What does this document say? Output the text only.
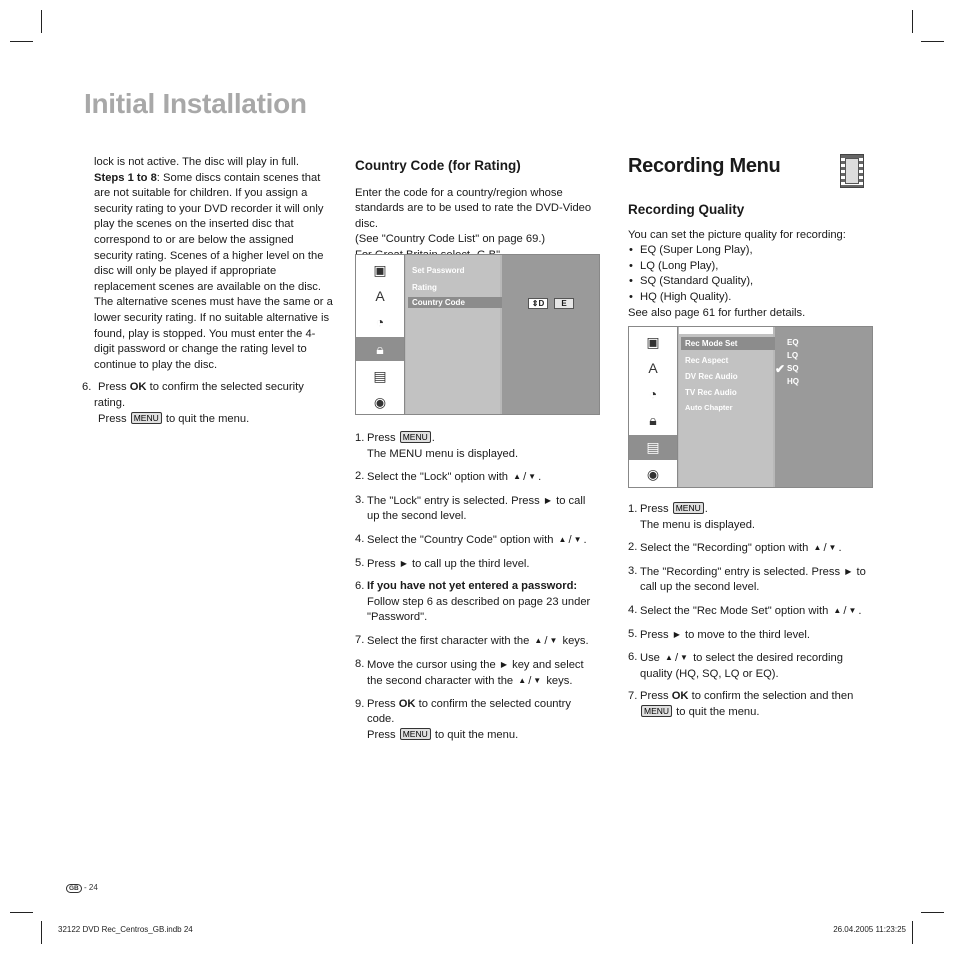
Initial Installation

lock is not active. The disc will play in full.
Steps 1 to 8: Some discs contain scenes that are not suitable for children. If you assign a security rating to your DVD recorder it will only play the scenes on the inserted disc that correspond to or are below the assigned security rating. Scenes of a higher level on the disc will only be played if appropriate replacement scenes are available on the disc. The alternative scenes must have the same or a lower security rating. If no suitable alternative is found, play is stopped. You must enter the 4-digit password or change the rating level to continue to play the disc.

6. Press OK to confirm the selected security rating.
Press MENU to quit the menu.
Country Code (for Rating)
Enter the code for a country/region whose standards are to be used to rate the DVD-Video disc.
(See "Country Code List" on page 69.)

▣
A
◔
🔒︎
▤
◉
Set Password
Rating
Country Code	⇕D	E
1. Press MENU .
The MENU menu is displayed.
2. Select the "Lock" option with ▲ / ▼ .
3. The "Lock" entry is selected. Press ▶ to call up the second level.
4. Select the "Country Code" option with ▲ / ▼ .
5. Press ▶ to call up the third level.
6. If you have not yet entered a password:
Follow step 6 as described on page 23 under "Password".
7. Select the first character with the ▲ / ▼ keys.
8. Move the cursor using the ▶ key and select the second character with the ▲ / ▼ keys.
9. Press OK to confirm the selected country code.
Press MENU to quit the menu.
Recording Menu
Recording Quality
You can set the picture quality for recording:
• EQ (Super Long Play),
• LQ (Long Play),
• SQ (Standard Quality),
• HQ (High Quality).
See also page 61 for further details.
▣
A
◔
🔒︎
▤
◉
Rec Mode Set
Rec Aspect
DV Rec Audio
TV Rec Audio
Auto Chapter
EQ
LQ
✔ SQ
HQ
1. Press MENU .
The menu is displayed.
2. Select the "Recording" option with ▲ / ▼ .
3. The "Recording" entry is selected. Press ▶ to call up the second level.
4. Select the "Rec Mode Set" option with ▲ / ▼ .
5. Press ▶ to move to the third level.
6. Use ▲ / ▼ to select the desired recording quality (HQ, SQ, LQ or EQ).
7. Press OK to confirm the selection and then
MENU to quit the menu.
GB - 24
32122 DVD Rec_Centros_GB.indb 24	26.04.2005 11:23:25
